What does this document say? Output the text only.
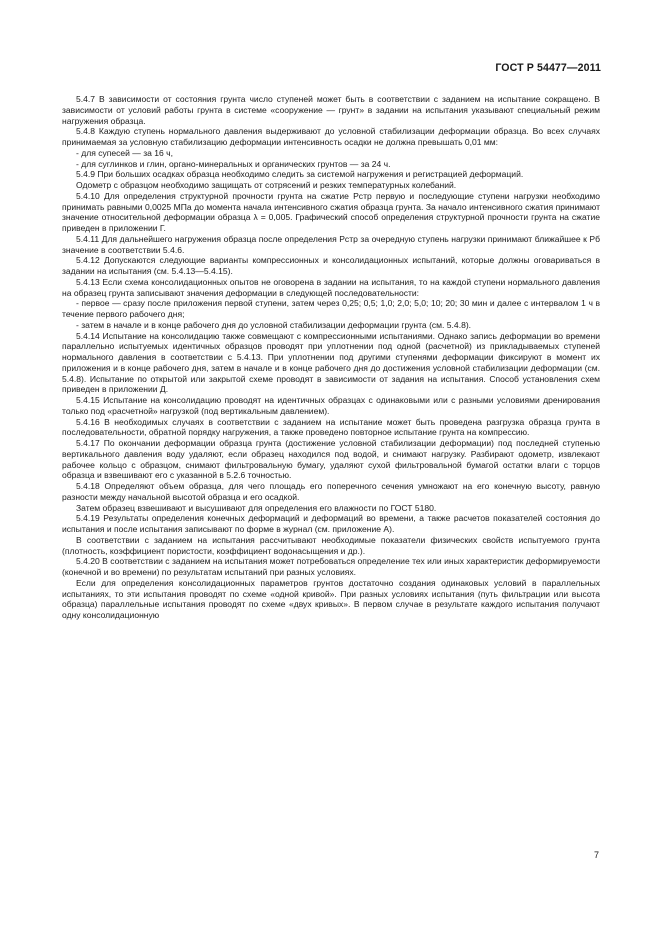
ГОСТ Р 54477—2011

5.4.7 В зависимости от состояния грунта число ступеней может быть в соответствии с заданием на испытание сокращено. В зависимости от условий работы грунта в системе «сооружение — грунт» в задании на испытания указывают специальный режим нагружения образца.

5.4.8 Каждую ступень нормального давления выдерживают до условной стабилизации деформации образца. Во всех случаях принимаемая за условную стабилизацию деформации интенсивность осадки не должна превышать 0,01 мм:

- для супесей — за 16 ч,

- для суглинков и глин, органо-минеральных и органических грунтов — за 24 ч.

5.4.9 При больших осадках образца необходимо следить за системой нагружения и регистрацией деформаций.

Одометр с образцом необходимо защищать от сотрясений и резких температурных колебаний.

5.4.10 Для определения структурной прочности грунта на сжатие Pстр первую и последующие ступени нагрузки необходимо принимать равными 0,0025 МПа до момента начала интенсивного сжатия образца грунта. За начало интенсивного сжатия принимают значение относительной деформации образца λ = 0,005. Графический способ определения структурной прочности грунта на сжатие приведен в приложении Г.

5.4.11 Для дальнейшего нагружения образца после определения Pстр за очередную ступень нагрузки принимают ближайшее к Pб значение в соответствии 5.4.6.

5.4.12 Допускаются следующие варианты компрессионных и консолидационных испытаний, которые должны оговариваться в задании на испытания (см. 5.4.13—5.4.15).

5.4.13 Если схема консолидационных опытов не оговорена в задании на испытания, то на каждой ступени нормального давления на образец грунта записывают значения деформации в следующей последовательности:

- первое — сразу после приложения первой ступени, затем через 0,25; 0,5; 1,0; 2,0; 5,0; 10; 20; 30 мин и далее с интервалом 1 ч в течение первого рабочего дня;

- затем в начале и в конце рабочего дня до условной стабилизации деформации грунта (см. 5.4.8).

5.4.14 Испытание на консолидацию также совмещают с компрессионными испытаниями. Однако запись деформации во времени параллельно испытуемых идентичных образцов проводят при уплотнении под одной (расчетной) из прикладываемых ступеней нормального давления в соответствии с 5.4.13. При уплотнении под другими ступенями деформации фиксируют в момент их приложения и в конце рабочего дня, затем в начале и в конце рабочего дня до достижения условной стабилизации деформации (см. 5.4.8). Испытание по открытой или закрытой схеме проводят в зависимости от задания на испытания. Способ установления схем приведен в приложении Д.

5.4.15 Испытание на консолидацию проводят на идентичных образцах с одинаковыми или с разными условиями дренирования только под «расчетной» нагрузкой (под вертикальным давлением).

5.4.16 В необходимых случаях в соответствии с заданием на испытание может быть проведена разгрузка образца грунта в последовательности, обратной порядку нагружения, а также проведено повторное испытание грунта на компрессию.

5.4.17 По окончании деформации образца грунта (достижение условной стабилизации деформации) под последней ступенью вертикального давления воду удаляют, если образец находился под водой, и снимают нагрузку. Разбирают одометр, извлекают рабочее кольцо с образцом, снимают фильтровальную бумагу, удаляют сухой фильтровальной бумагой остатки влаги с торцов образца и взвешивают его с указанной в 5.2.6 точностью.

5.4.18 Определяют объем образца, для чего площадь его поперечного сечения умножают на его конечную высоту, равную разности между начальной высотой образца и его осадкой.

Затем образец взвешивают и высушивают для определения его влажности по ГОСТ 5180.

5.4.19 Результаты определения конечных деформаций и деформаций во времени, а также расчетов показателей состояния до испытания и после испытания записывают по форме в журнал (см. приложение А).

В соответствии с заданием на испытания рассчитывают необходимые показатели физических свойств испытуемого грунта (плотность, коэффициент пористости, коэффициент водонасыщения и др.).

5.4.20 В соответствии с заданием на испытания может потребоваться определение тех или иных характеристик деформируемости (конечной и во времени) по результатам испытаний при разных условиях.

Если для определения консолидационных параметров грунтов достаточно создания одинаковых условий в параллельных испытаниях, то эти испытания проводят по схеме «одной кривой». При разных условиях испытания (путь фильтрации или высота образца) параллельные испытания проводят по схеме «двух кривых». В первом случае в результате каждого испытания получают одну консолидационную

7
